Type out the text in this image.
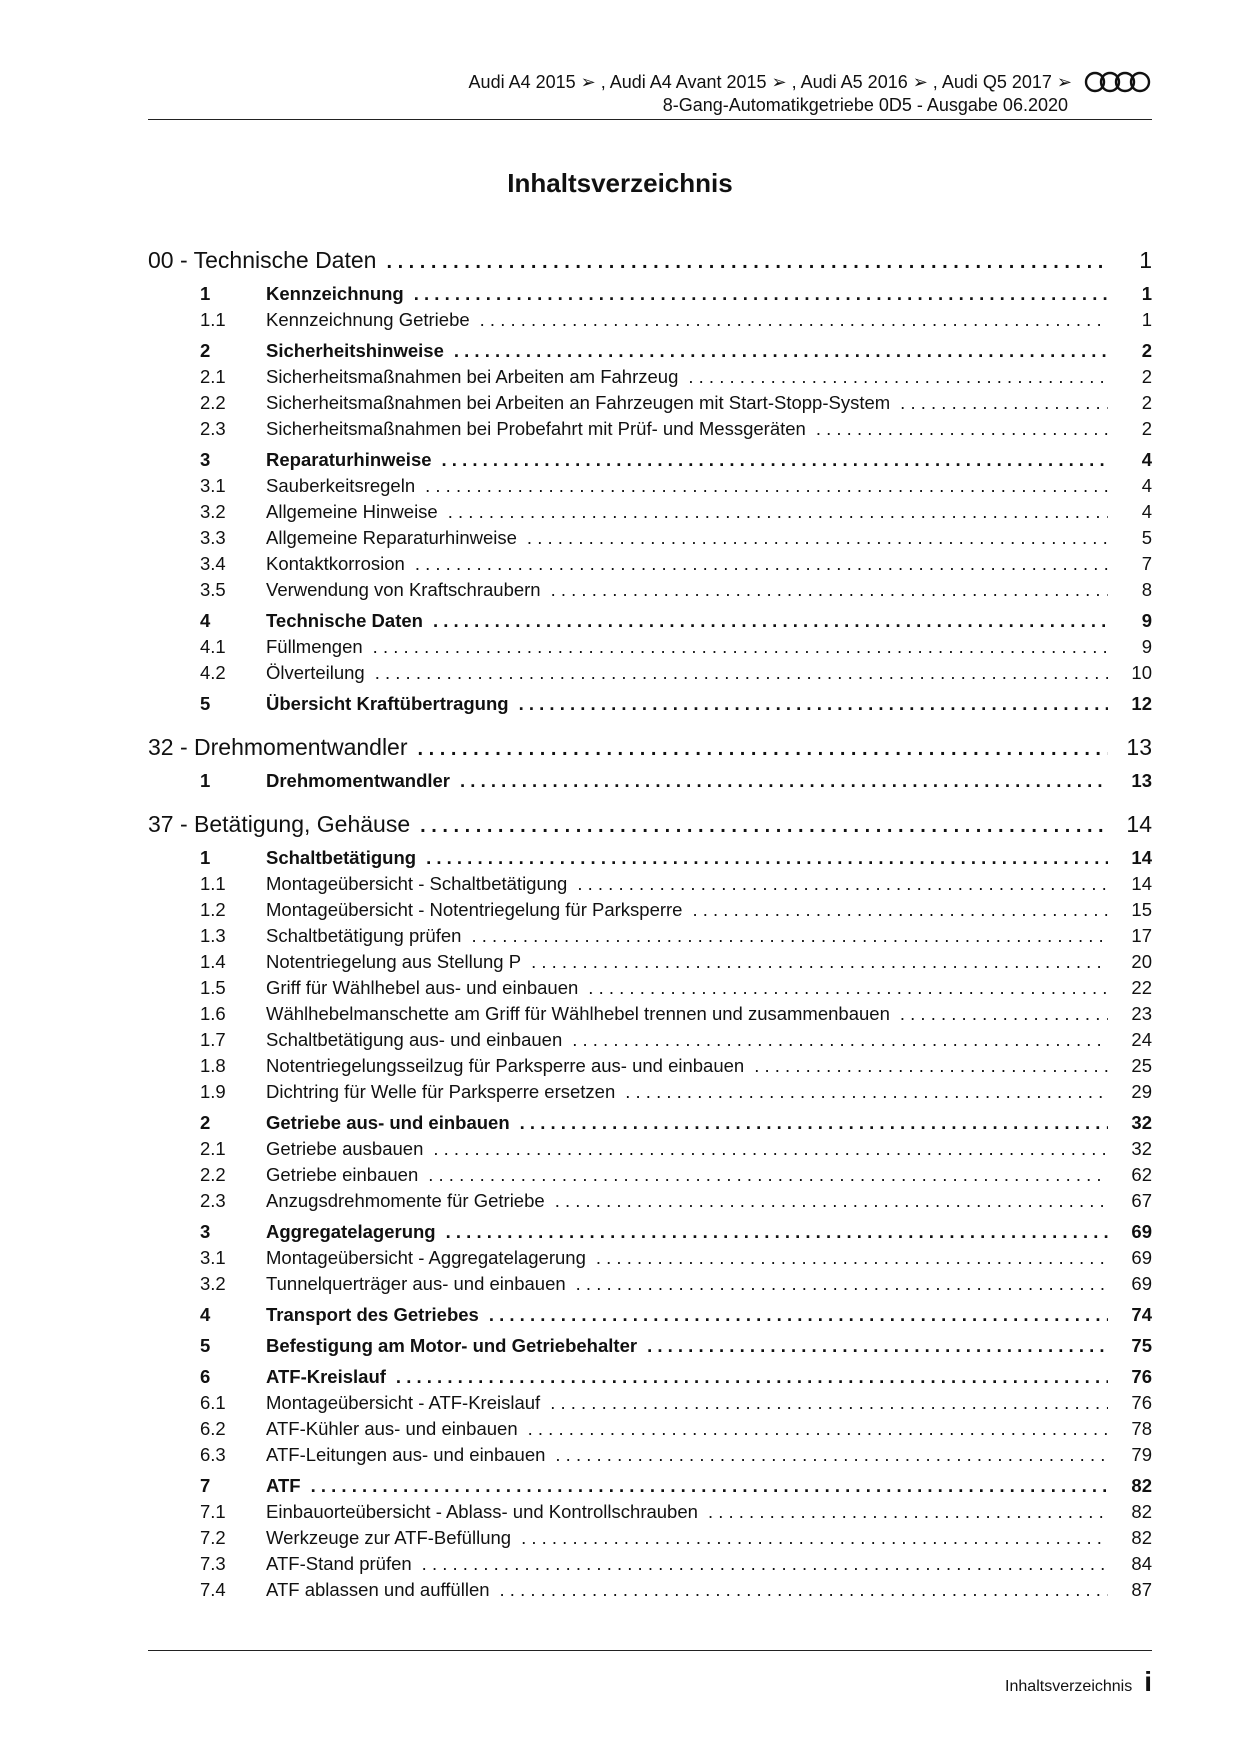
Audi A4 2015 ➢ , Audi A4 Avant 2015 ➢ , Audi A5 2016 ➢ , Audi Q5 2017 ➢
8-Gang-Automatikgetriebe 0D5 - Ausgabe 06.2020
Inhaltsverzeichnis
00 - Technische Daten . . .	1
1	Kennzeichnung . . .	1
1.1	Kennzeichnung Getriebe . . .	1
2	Sicherheitshinweise . . .	2
2.1	Sicherheitsmaßnahmen bei Arbeiten am Fahrzeug . . .	2
2.2	Sicherheitsmaßnahmen bei Arbeiten an Fahrzeugen mit Start-Stopp-System . . .	2
2.3	Sicherheitsmaßnahmen bei Probefahrt mit Prüf- und Messgeräten . . .	2
3	Reparaturhinweise . . .	4
3.1	Sauberkeitsregeln . . .	4
3.2	Allgemeine Hinweise . . .	4
3.3	Allgemeine Reparaturhinweise . . .	5
3.4	Kontaktkorrosion . . .	7
3.5	Verwendung von Kraftschraubern . . .	8
4	Technische Daten . . .	9
4.1	Füllmengen . . .	9
4.2	Ölverteilung . . .	10
5	Übersicht Kraftübertragung . . .	12
32 - Drehmomentwandler . . .	13
1	Drehmomentwandler . . .	13
37 - Betätigung, Gehäuse . . .	14
1	Schaltbetätigung . . .	14
1.1	Montageübersicht - Schaltbetätigung . . .	14
1.2	Montageübersicht - Notentriegelung für Parksperre . . .	15
1.3	Schaltbetätigung prüfen . . .	17
1.4	Notentriegelung aus Stellung P . . .	20
1.5	Griff für Wählhebel aus- und einbauen . . .	22
1.6	Wählhebelmanschette am Griff für Wählhebel trennen und zusammenbauen . . .	23
1.7	Schaltbetätigung aus- und einbauen . . .	24
1.8	Notentriegelungsseilzug für Parksperre aus- und einbauen . . .	25
1.9	Dichtring für Welle für Parksperre ersetzen . . .	29
2	Getriebe aus- und einbauen . . .	32
2.1	Getriebe ausbauen . . .	32
2.2	Getriebe einbauen . . .	62
2.3	Anzugsdrehmomente für Getriebe . . .	67
3	Aggregatelagerung . . .	69
3.1	Montageübersicht - Aggregatelagerung . . .	69
3.2	Tunnelquerträger aus- und einbauen . . .	69
4	Transport des Getriebes . . .	74
5	Befestigung am Motor- und Getriebehalter . . .	75
6	ATF-Kreislauf . . .	76
6.1	Montageübersicht - ATF-Kreislauf . . .	76
6.2	ATF-Kühler aus- und einbauen . . .	78
6.3	ATF-Leitungen aus- und einbauen . . .	79
7	ATF . . .	82
7.1	Einbauorteübersicht - Ablass- und Kontrollschrauben . . .	82
7.2	Werkzeuge zur ATF-Befüllung . . .	82
7.3	ATF-Stand prüfen . . .	84
7.4	ATF ablassen und auffüllen . . .	87
Inhaltsverzeichnis i
